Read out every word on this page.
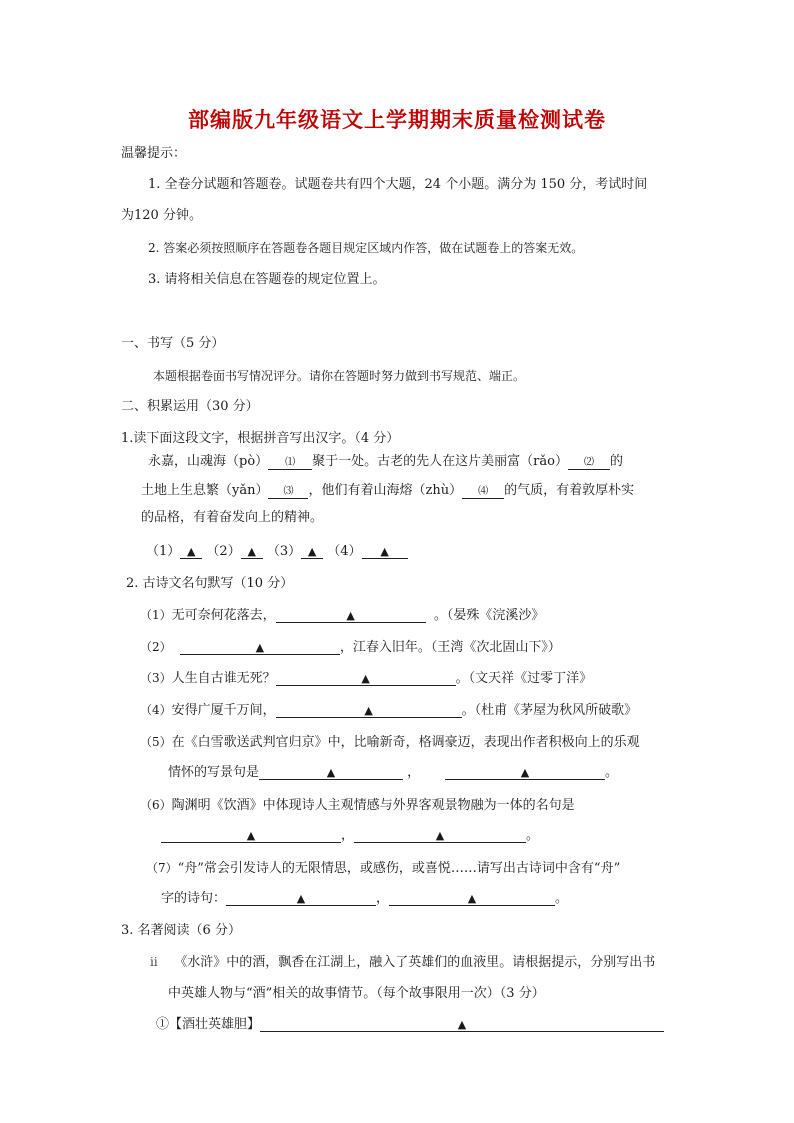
部编版九年级语文上学期期末质量检测试卷
温馨提示：
1. 全卷分试题和答题卷。试题卷共有四个大题，24 个小题。满分为 150 分，考试时间
为120 分钟。
2. 答案必须按照顺序在答题卷各题目规定区域内作答，做在试题卷上的答案无效。
3. 请将相关信息在答题卷的规定位置上。
一、书写（5 分）
本题根据卷面书写情况评分。请你在答题时努力做到书写规范、端正。
二、积累运用（30 分）
1.读下面这段文字，根据拼音写出汉字。（4 分）
永嘉，山魂海（pò） ⑴ 聚于一处。古老的先人在这片美丽富（rǎo） ⑵ 的
土地上生息繁（yǎn） ⑶ ，他们有着山海熔（zhù） ⑷ 的气质，有着敦厚朴实
的品格，有着奋发向上的精神。
（1） ▲ （2） ▲ （3） ▲ （4） ▲
2. 古诗文名句默写（10 分）
（1）无可奈何花落去，	▲	。（晏殊《浣溪沙》
（2）	▲	，江春入旧年。（王湾《次北固山下》）
（3）人生自古谁无死？	▲	。（文天祥《过零丁洋》
（4）安得广厦千万间，	▲	。（杜甫《茅屋为秋风所破歌》
（5）在《白雪歌送武判官归京》中，比喻新奇，格调豪迈，表现出作者积极向上的乐观
情怀的写景句是	▲	，	▲	。
（6）陶渊明《饮酒》中体现诗人主观情感与外界客观景物融为一体的名句是
▲	，	▲	。
（7）“舟”常会引发诗人的无限情思，或感伤，或喜悦……请写出古诗词中含有“舟”
字的诗句：	▲	，	▲	。
3. 名著阅读（6 分）
ⅱ 《水浒》中的酒，飘香在江湖上，融入了英雄们的血液里。请根据提示，分别写出书
中英雄人物与“酒”相关的故事情节。（每个故事限用一次）（3 分）
①【酒壮英雄胆】	▲
